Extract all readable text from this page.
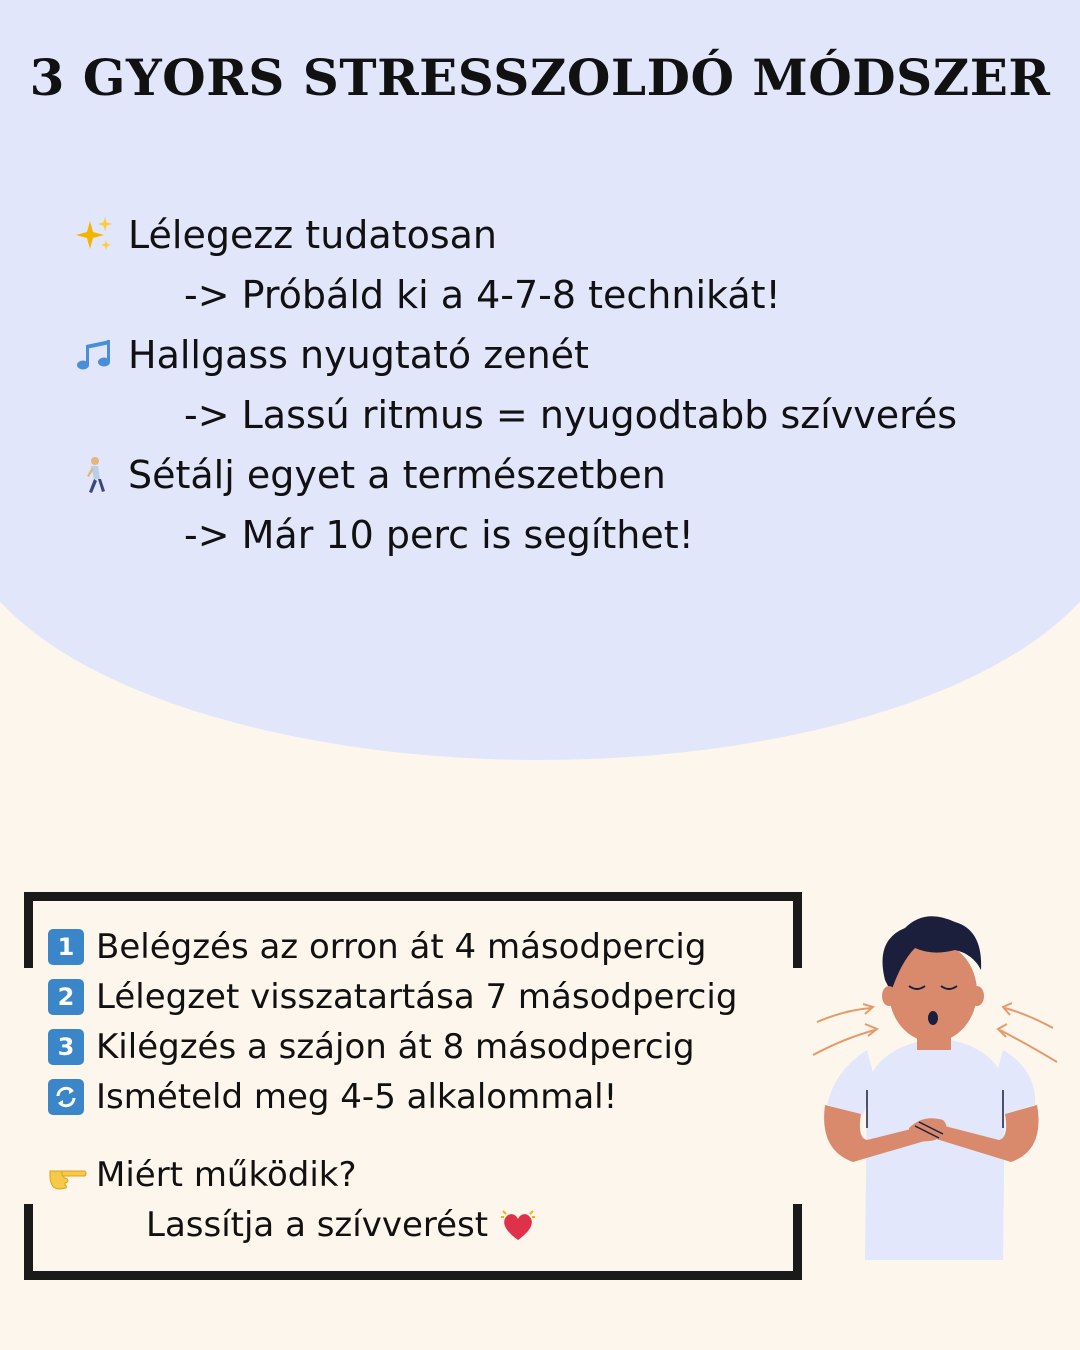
3 GYORS STRESSZOLDÓ MÓDSZER
Lélegezz tudatosan
-> Próbáld ki a 4-7-8 technikát!
Hallgass nyugtató zenét
-> Lassú ritmus = nyugodtabb szívverés
Sétálj egyet a természetben
-> Már 10 perc is segíthet!
1 Belégzés az orron át 4 másodpercig
2 Lélegzet visszatartása 7 másodpercig
3 Kilégzés a szájon át 8 másodpercig
Ismételd meg 4-5 alkalommal!
Miért működik?
Lassítja a szívverést
